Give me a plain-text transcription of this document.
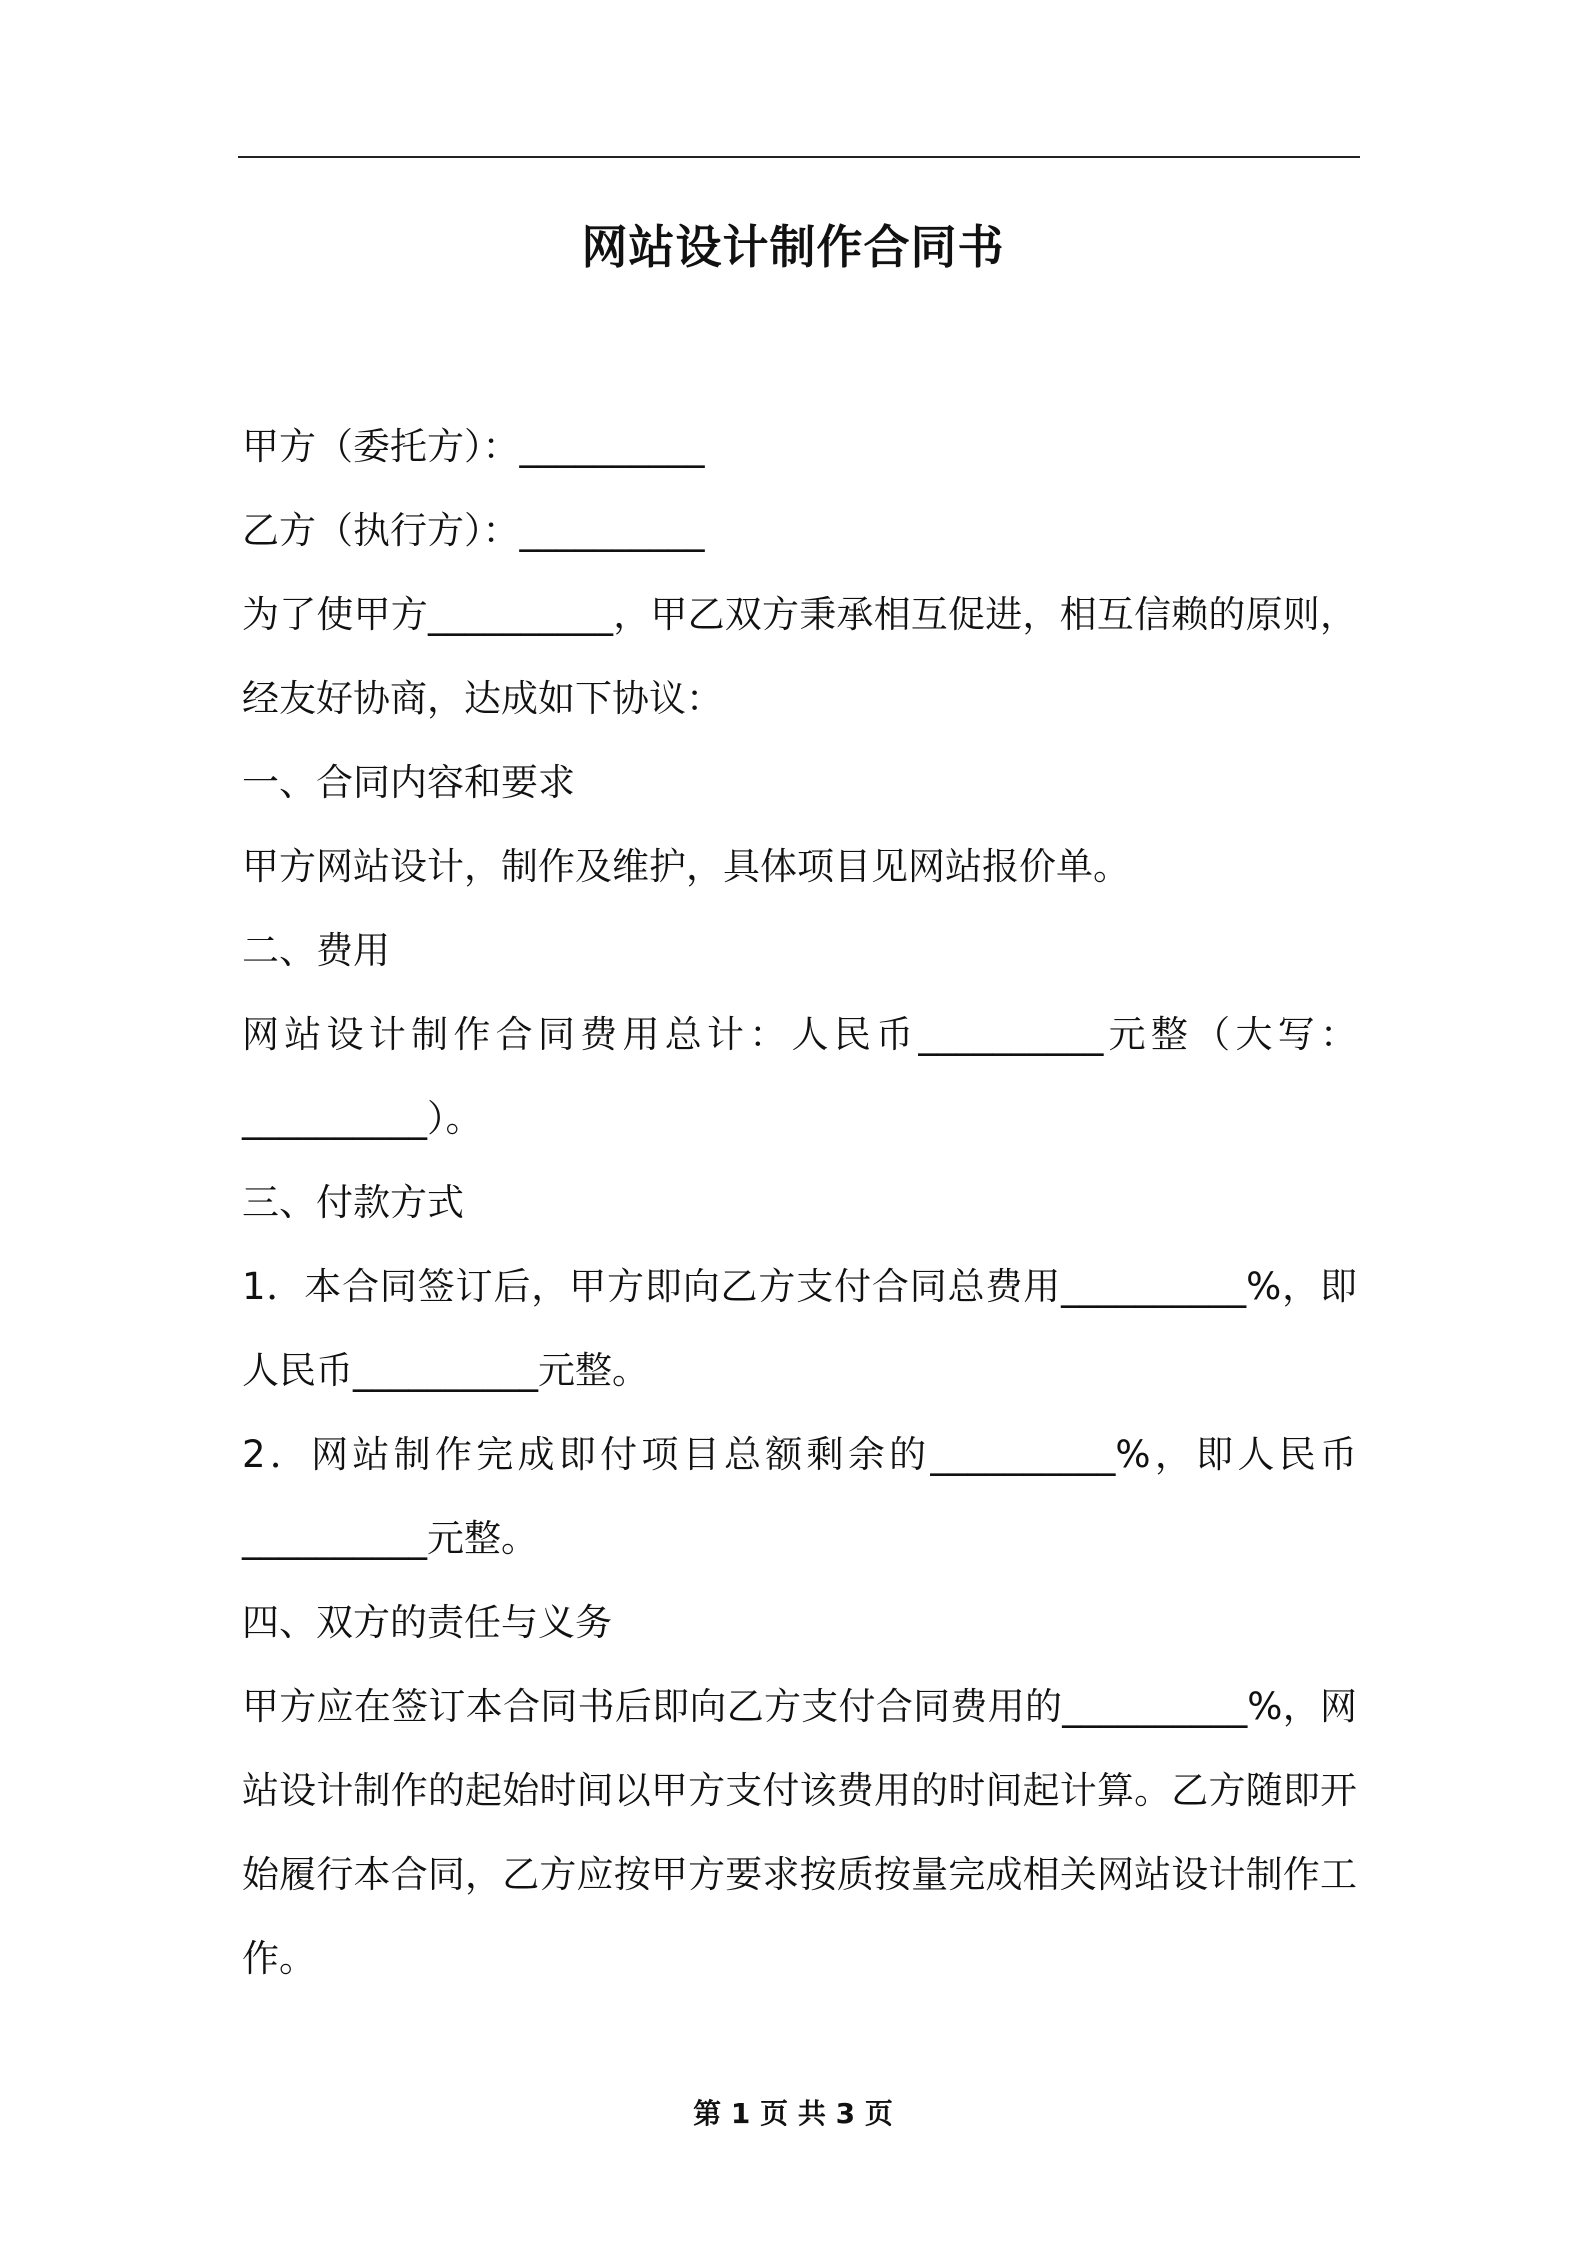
网站设计制作合同书
甲方（委托方）：__________
乙方（执行方）：__________
为了使甲方__________，甲乙双方秉承相互促进，相互信赖的原则，
经友好协商，达成如下协议：
一、合同内容和要求
甲方网站设计，制作及维护，具体项目见网站报价单。
二、费用
网站设计制作合同费用总计：人民币__________元整（大写：
__________）。
三、付款方式
1．本合同签订后，甲方即向乙方支付合同总费用__________%，即
人民币__________元整。
2．网站制作完成即付项目总额剩余的__________%，即人民币
__________元整。
四、双方的责任与义务
甲方应在签订本合同书后即向乙方支付合同费用的__________%，网
站设计制作的起始时间以甲方支付该费用的时间起计算。乙方随即开
始履行本合同，乙方应按甲方要求按质按量完成相关网站设计制作工
作。
第 1 页 共 3 页
